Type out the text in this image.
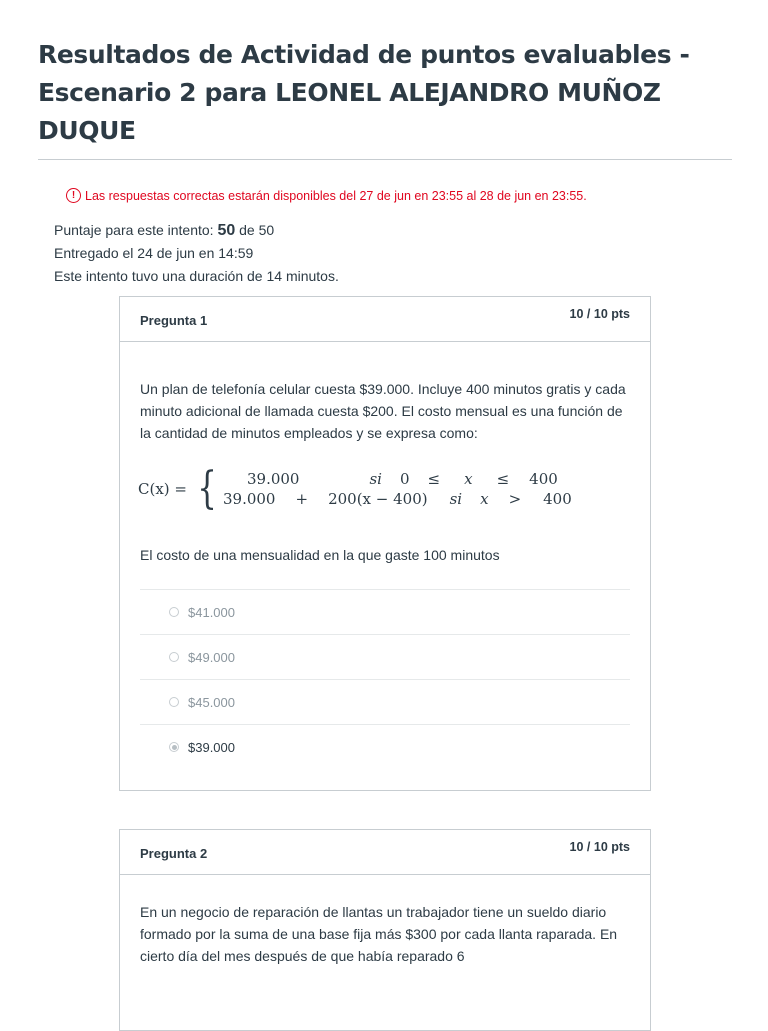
Resultados de Actividad de puntos evaluables - Escenario 2 para LEONEL ALEJANDRO MUÑOZ DUQUE
! Las respuestas correctas estarán disponibles del 27 de jun en 23:55 al 28 de jun en 23:55.
Puntaje para este intento: 50 de 50
Entregado el 24 de jun en 14:59
Este intento tuvo una duración de 14 minutos.
Pregunta 1	10 / 10 pts
Un plan de telefonía celular cuesta $39.000. Incluye 400 minutos gratis y cada minuto adicional de llamada cuesta $200. El costo mensual es una función de la cantidad de minutos empleados y se expresa como:
C(x) = { 39.000	si 0 ≤ x ≤ 400
39.000 + 200(x − 400) si x > 400
El costo de una mensualidad en la que gaste 100 minutos
$41.000
$49.000
$45.000
$39.000
Pregunta 2	10 / 10 pts
En un negocio de reparación de llantas un trabajador tiene un sueldo diario formado por la suma de una base fija más $300 por cada llanta raparada. En cierto día del mes después de que había reparado 6
